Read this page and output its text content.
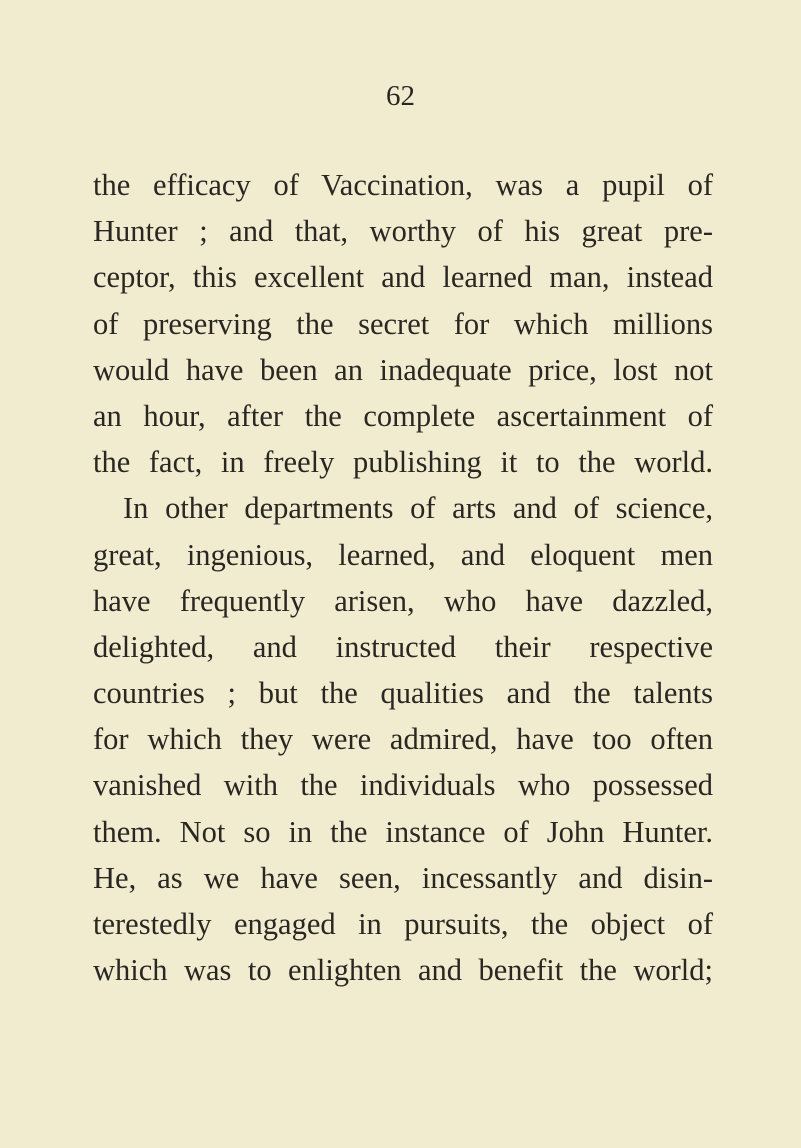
62
the efficacy of Vaccination, was a pupil of
Hunter ; and that, worthy of his great pre-
ceptor, this excellent and learned man, instead
of preserving the secret for which millions
would have been an inadequate price, lost not
an hour, after the complete ascertainment of
the fact, in freely publishing it to the world.
In other departments of arts and of science,
great, ingenious, learned, and eloquent men
have frequently arisen, who have dazzled,
delighted, and instructed their respective
countries ; but the qualities and the talents
for which they were admired, have too often
vanished with the individuals who possessed
them. Not so in the instance of John Hunter.
He, as we have seen, incessantly and disin-
terestedly engaged in pursuits, the object of
which was to enlighten and benefit the world;
